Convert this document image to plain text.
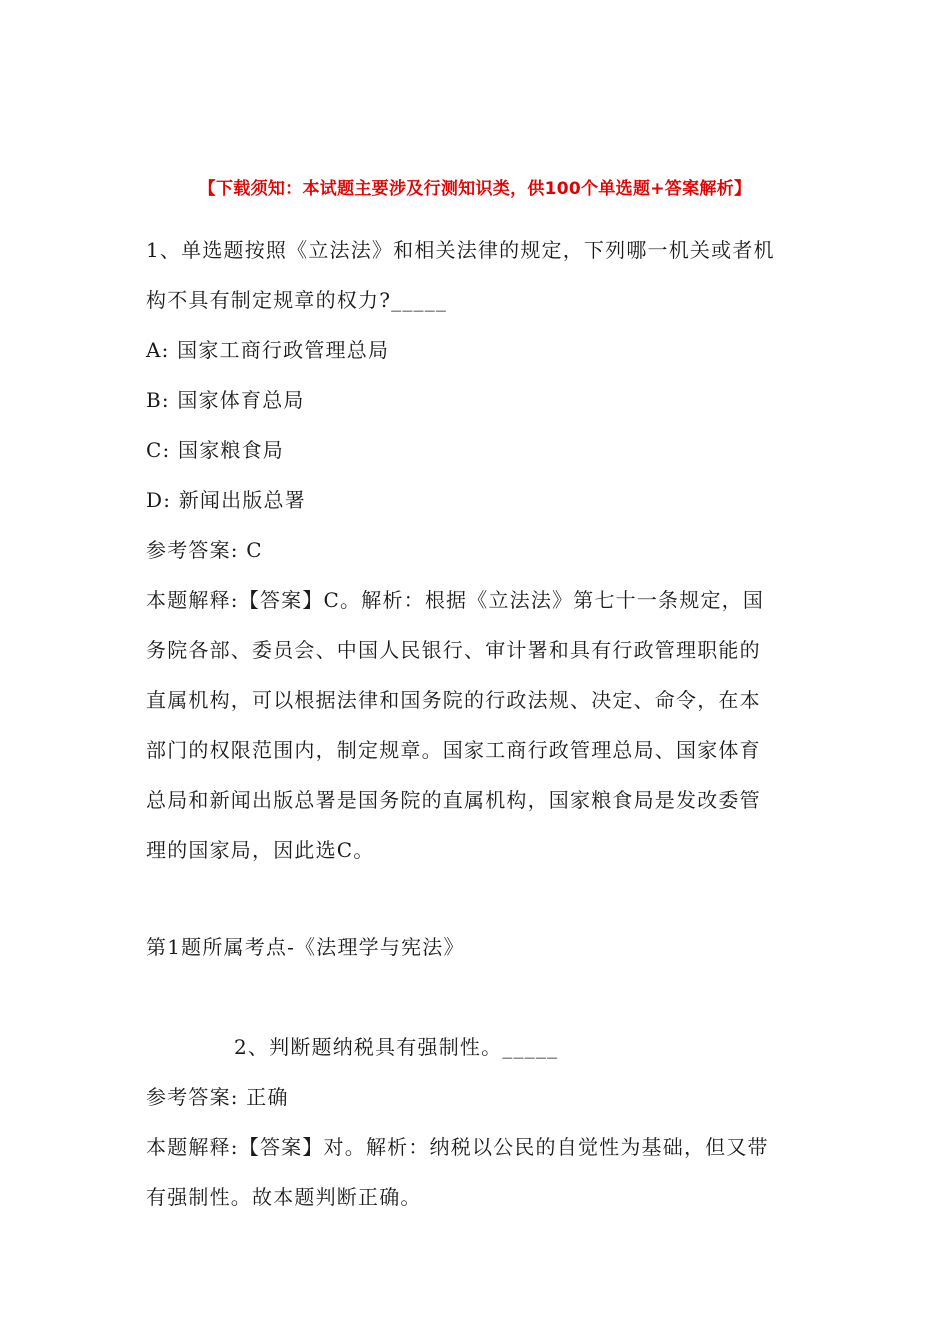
【下载须知：本试题主要涉及行测知识类，供100个单选题+答案解析】
1、单选题按照《立法法》和相关法律的规定，下列哪一机关或者机
构不具有制定规章的权力?_____
A: 国家工商行政管理总局
B: 国家体育总局
C: 国家粮食局
D: 新闻出版总署
参考答案: C
本题解释:【答案】C。解析：根据《立法法》第七十一条规定，国
务院各部、委员会、中国人民银行、审计署和具有行政管理职能的
直属机构，可以根据法律和国务院的行政法规、决定、命令，在本
部门的权限范围内，制定规章。国家工商行政管理总局、国家体育
总局和新闻出版总署是国务院的直属机构，国家粮食局是发改委管
理的国家局，因此选C。
第1题所属考点-《法理学与宪法》
2、判断题纳税具有强制性。_____
参考答案: 正确
本题解释:【答案】对。解析：纳税以公民的自觉性为基础，但又带
有强制性。故本题判断正确。
